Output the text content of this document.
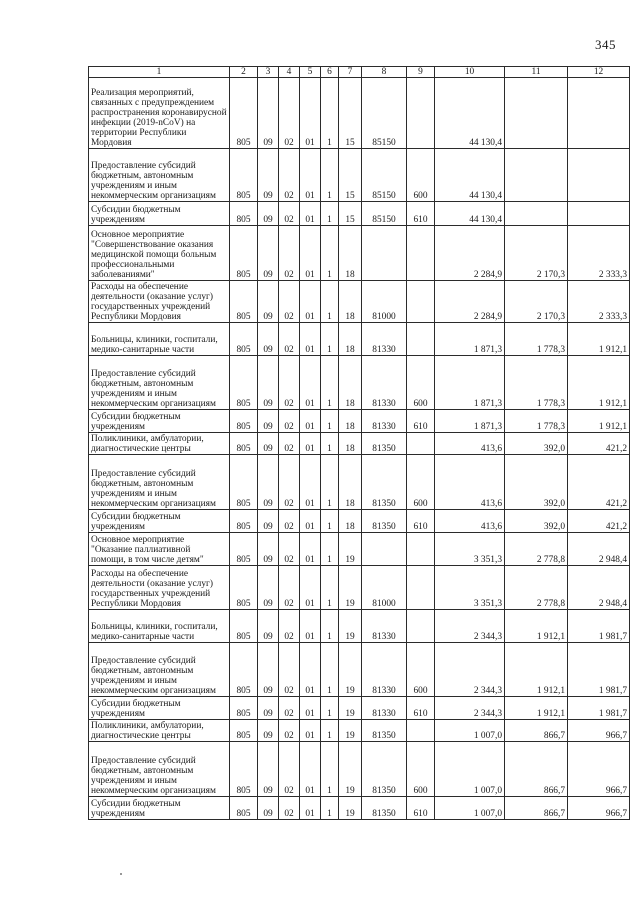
345
1	2	3	4	5	6	7	8	9	10	11	12
Реализация мероприятий, связанных с предупреждением распространения коронавирусной инфекции (2019-nCoV) на территории Республики Мордовия	805	09	02	01	1	15	85150		44 130,4		
Предоставление субсидий бюджетным, автономным учреждениям и иным некоммерческим организациям	805	09	02	01	1	15	85150	600	44 130,4		
Субсидии бюджетным учреждениям	805	09	02	01	1	15	85150	610	44 130,4		
Основное мероприятие "Совершенствование оказания медицинской помощи больным профессиональными заболеваниями"	805	09	02	01	1	18			2 284,9	2 170,3	2 333,3
Расходы на обеспечение деятельности (оказание услуг) государственных учреждений Республики Мордовия	805	09	02	01	1	18	81000		2 284,9	2 170,3	2 333,3
Больницы, клиники, госпитали, медико-санитарные части	805	09	02	01	1	18	81330		1 871,3	1 778,3	1 912,1
Предоставление субсидий бюджетным, автономным учреждениям и иным некоммерческим организациям	805	09	02	01	1	18	81330	600	1 871,3	1 778,3	1 912,1
Субсидии бюджетным учреждениям	805	09	02	01	1	18	81330	610	1 871,3	1 778,3	1 912,1
Поликлиники, амбулатории, диагностические центры	805	09	02	01	1	18	81350		413,6	392,0	421,2
Предоставление субсидий бюджетным, автономным учреждениям и иным некоммерческим организациям	805	09	02	01	1	18	81350	600	413,6	392,0	421,2
Субсидии бюджетным учреждениям	805	09	02	01	1	18	81350	610	413,6	392,0	421,2
Основное мероприятие "Оказание паллиативной помощи, в том числе детям"	805	09	02	01	1	19			3 351,3	2 778,8	2 948,4
Расходы на обеспечение деятельности (оказание услуг) государственных учреждений Республики Мордовия	805	09	02	01	1	19	81000		3 351,3	2 778,8	2 948,4
Больницы, клиники, госпитали, медико-санитарные части	805	09	02	01	1	19	81330		2 344,3	1 912,1	1 981,7
Предоставление субсидий бюджетным, автономным учреждениям и иным некоммерческим организациям	805	09	02	01	1	19	81330	600	2 344,3	1 912,1	1 981,7
Субсидии бюджетным учреждениям	805	09	02	01	1	19	81330	610	2 344,3	1 912,1	1 981,7
Поликлиники, амбулатории, диагностические центры	805	09	02	01	1	19	81350		1 007,0	866,7	966,7
Предоставление субсидий бюджетным, автономным учреждениям и иным некоммерческим организациям	805	09	02	01	1	19	81350	600	1 007,0	866,7	966,7
Субсидии бюджетным учреждениям	805	09	02	01	1	19	81350	610	1 007,0	866,7	966,7
